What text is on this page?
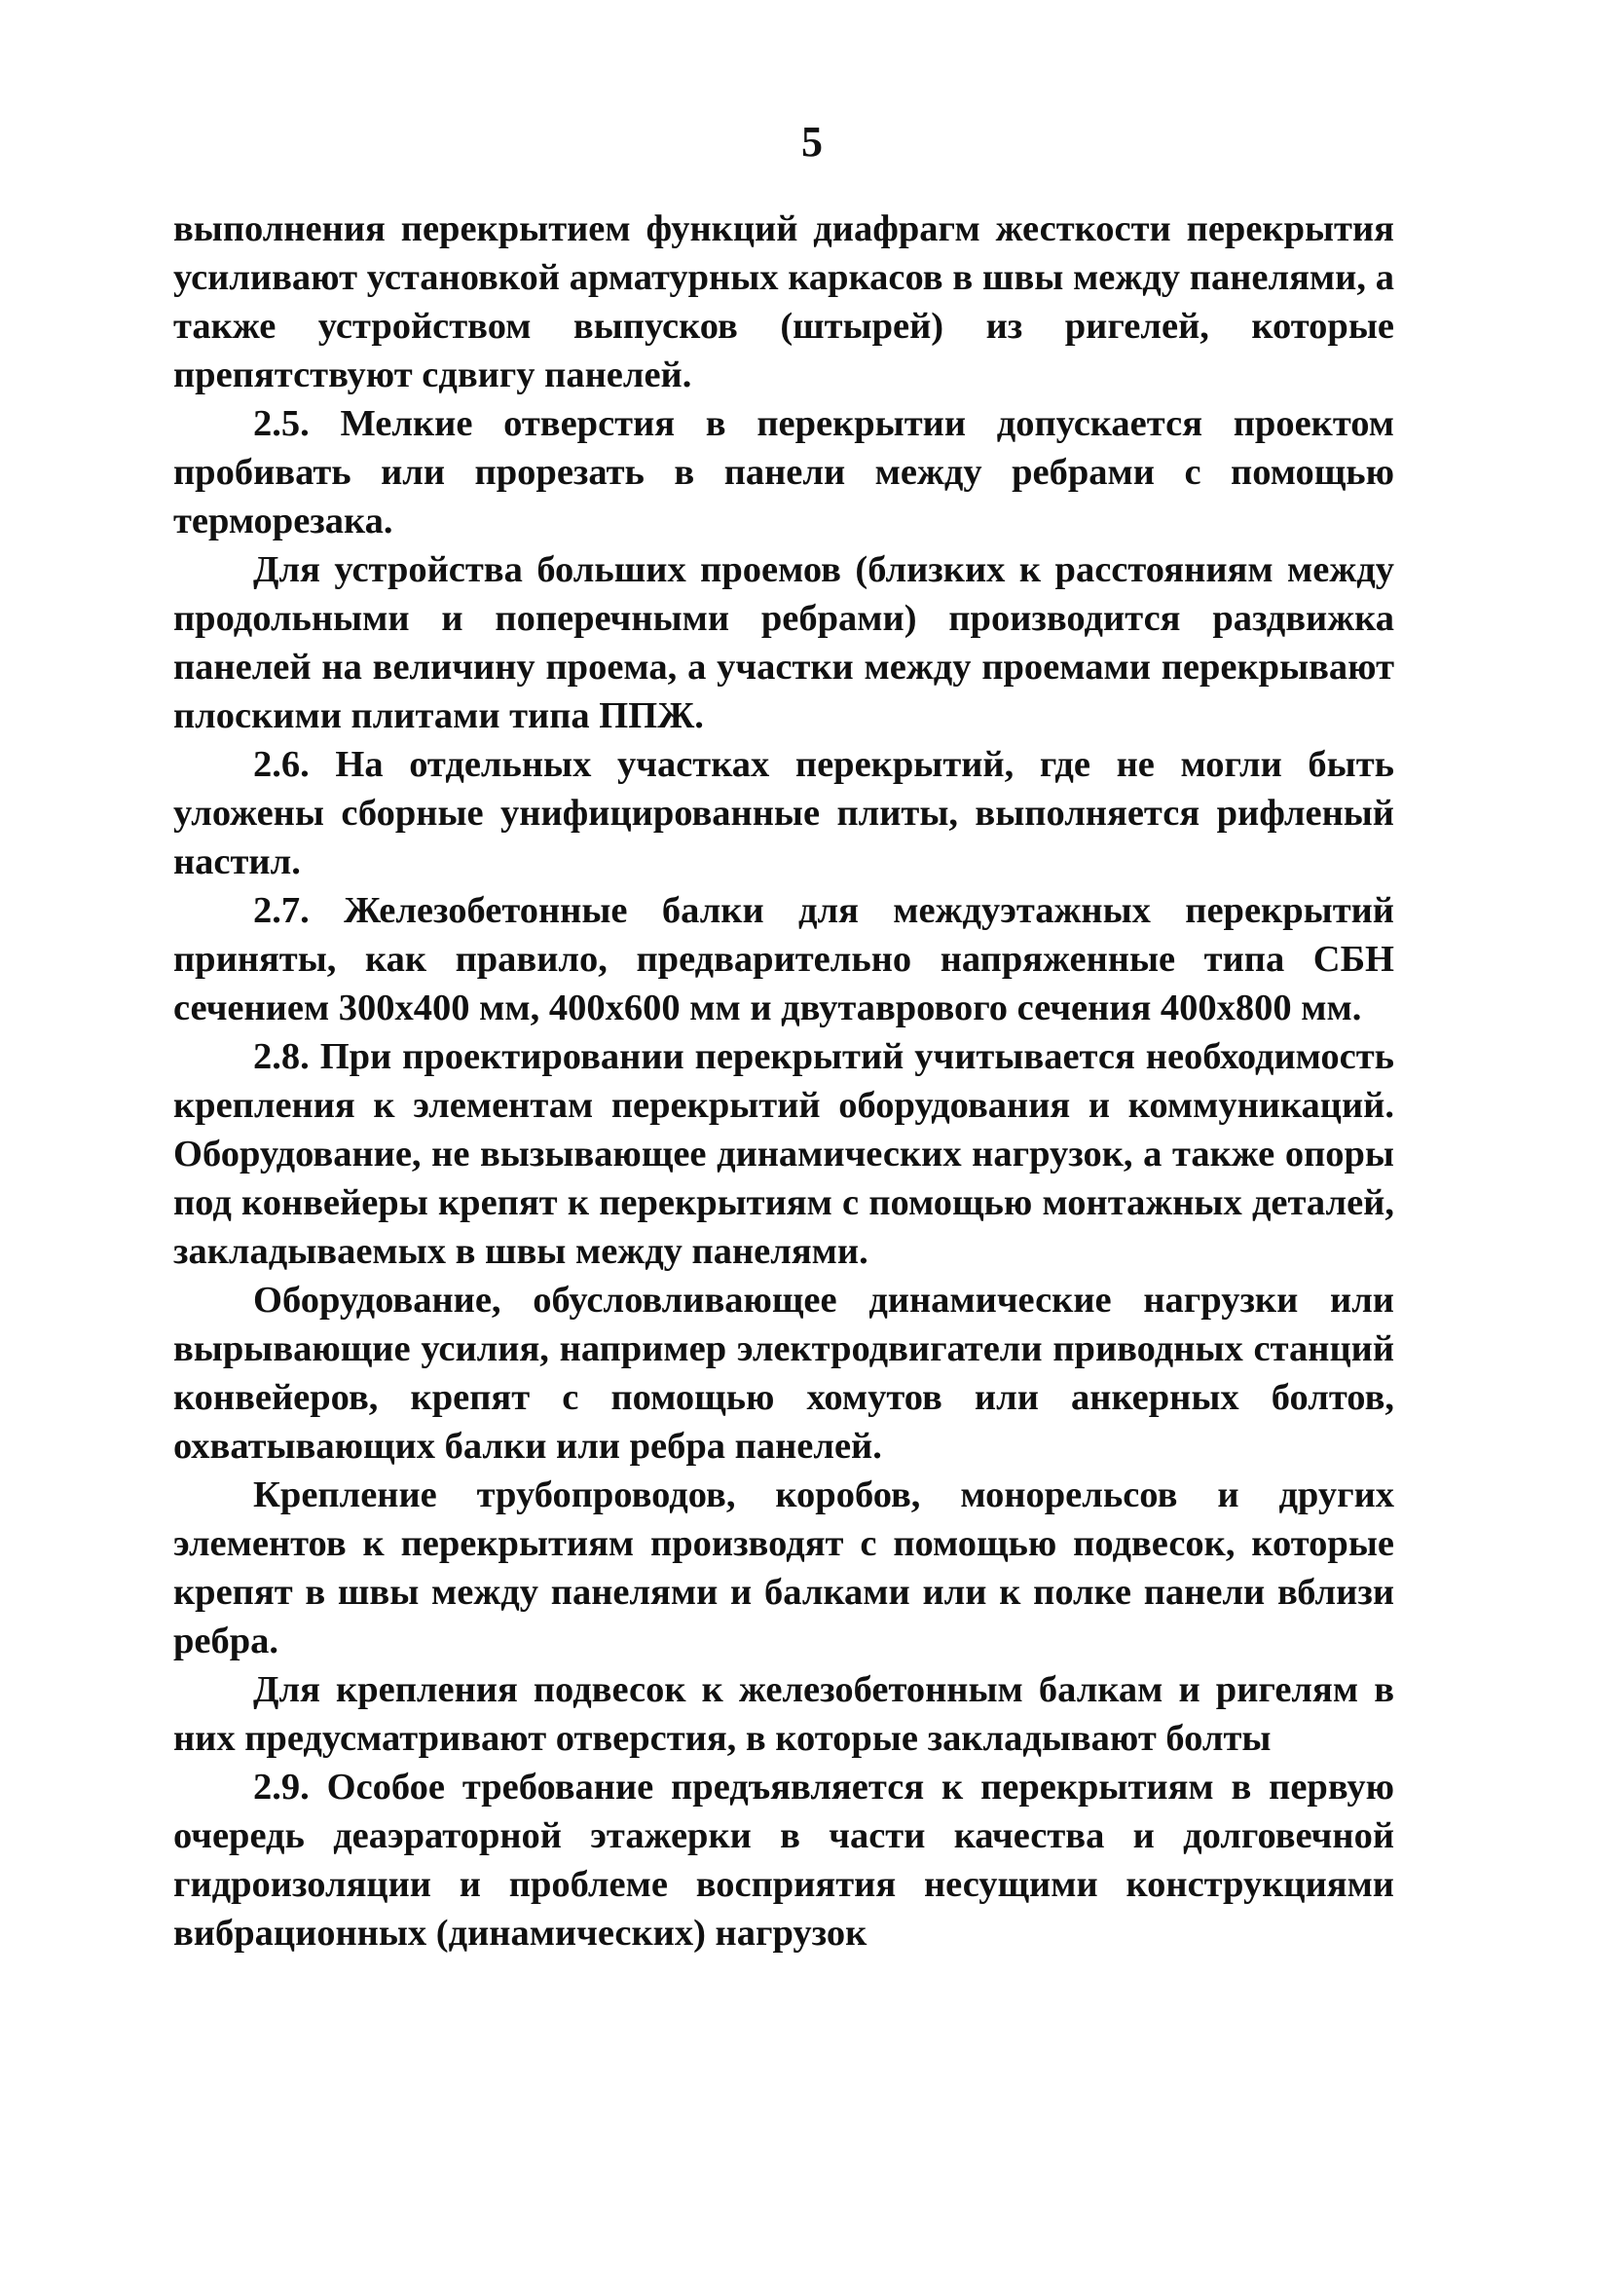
5

выполнения перекрытием функций диафрагм жесткости перекрытия усиливают установкой арматурных каркасов в швы между панелями, а также устройством выпусков (штырей) из ригелей, которые препятствуют сдвигу панелей.

2.5. Мелкие отверстия в перекрытии допускается проектом пробивать или прорезать в панели между ребрами с помощью терморезака.

Для устройства больших проемов (близких к расстояниям между продольными и поперечными ребрами) производится раздвижка панелей на величину проема, а участки между проемами перекрывают плоскими плитами типа ППЖ.

2.6. На отдельных участках перекрытий, где не могли быть уложены сборные унифицированные плиты, выполняется рифленый настил.

2.7. Железобетонные балки для междуэтажных перекрытий приняты, как правило, предварительно напряженные типа СБН сечением 300х400 мм, 400х600 мм и двутаврового сечения 400х800 мм.

2.8. При проектировании перекрытий учитывается необходимость крепления к элементам перекрытий оборудования и коммуникаций. Оборудование, не вызывающее динамических нагрузок, а также опоры под конвейеры крепят к перекрытиям с помощью монтажных деталей, закладываемых в швы между панелями.

Оборудование, обусловливающее динамические нагрузки или вырывающие усилия, например электродвигатели приводных станций конвейеров, крепят с помощью хомутов или анкерных болтов, охватывающих балки или ребра панелей.

Крепление трубопроводов, коробов, монорельсов и других элементов к перекрытиям производят с помощью подвесок, которые крепят в швы между панелями и балками или к полке панели вблизи ребра.

Для крепления подвесок к железобетонным балкам и ригелям в них предусматривают отверстия, в которые закладывают болты

2.9. Особое требование предъявляется к перекрытиям в первую очередь деаэраторной этажерки в части качества и долговечной гидроизоляции и проблеме восприятия несущими конструкциями вибрационных (динамических) нагрузок
